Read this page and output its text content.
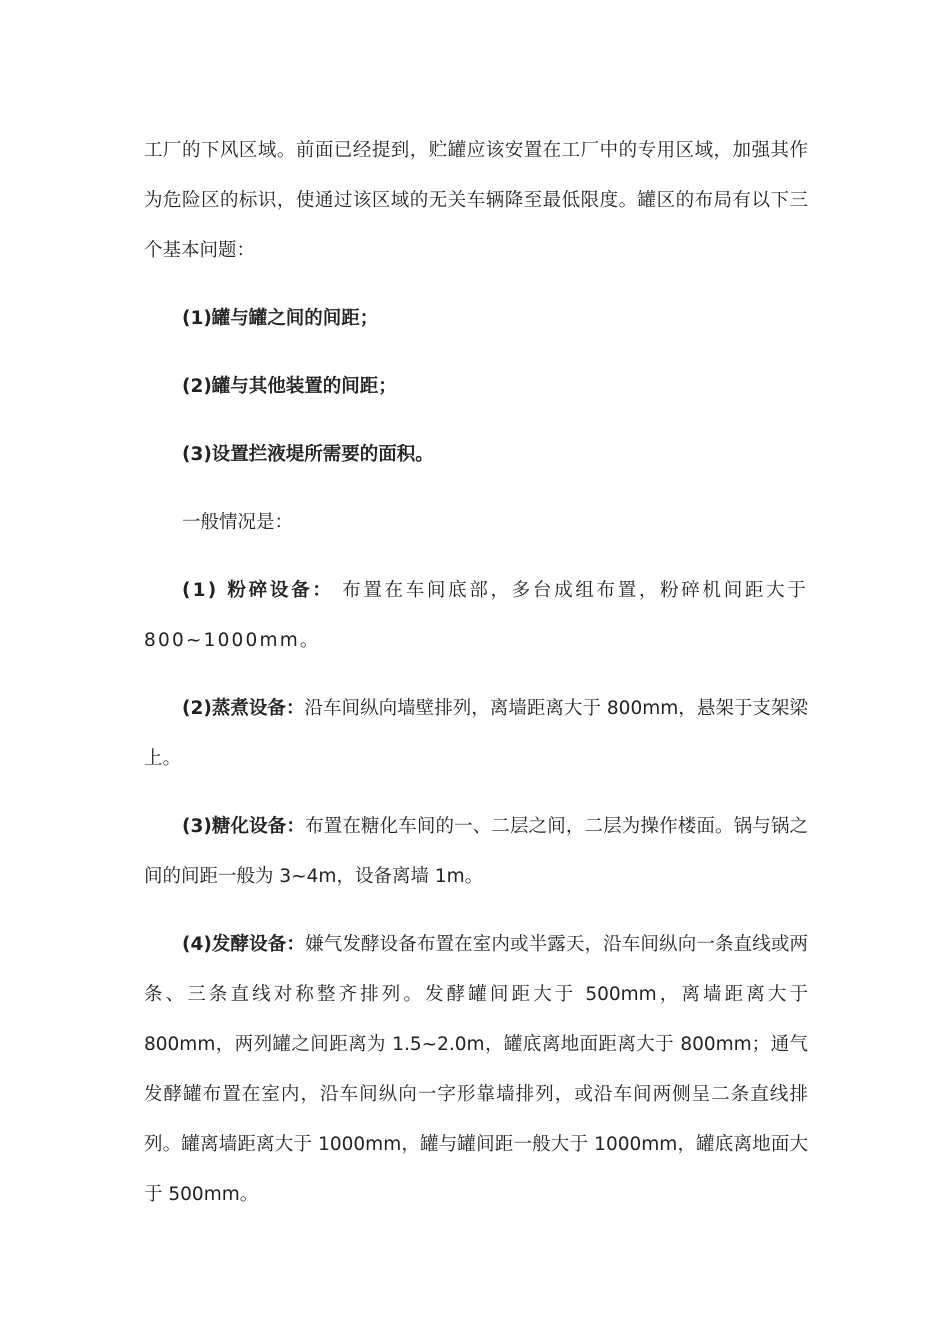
工厂的下风区域。前面已经提到，贮罐应该安置在工厂中的专用区域，加强其作为危险区的标识，使通过该区域的无关车辆降至最低限度。罐区的布局有以下三个基本问题：

(1)罐与罐之间的间距；

(2)罐与其他装置的间距；

(3)设置拦液堤所需要的面积。

一般情况是：

(1) 粉碎设备： 布置在车间底部，多台成组布置，粉碎机间距大于800~1000mm。

(2)蒸煮设备：沿车间纵向墙壁排列，离墙距离大于 800mm，悬架于支架梁上。

(3)糖化设备：布置在糖化车间的一、二层之间，二层为操作楼面。锅与锅之间的间距一般为 3~4m，设备离墙 1m。

(4)发酵设备：嫌气发酵设备布置在室内或半露天，沿车间纵向一条直线或两条、三条直线对称整齐排列。发酵罐间距大于 500mm，离墙距离大于 800mm，两列罐之间距离为 1.5~2.0m，罐底离地面距离大于 800mm；通气发酵罐布置在室内，沿车间纵向一字形靠墙排列，或沿车间两侧呈二条直线排列。罐离墙距离大于 1000mm，罐与罐间距一般大于 1000mm，罐底离地面大于 500mm。
